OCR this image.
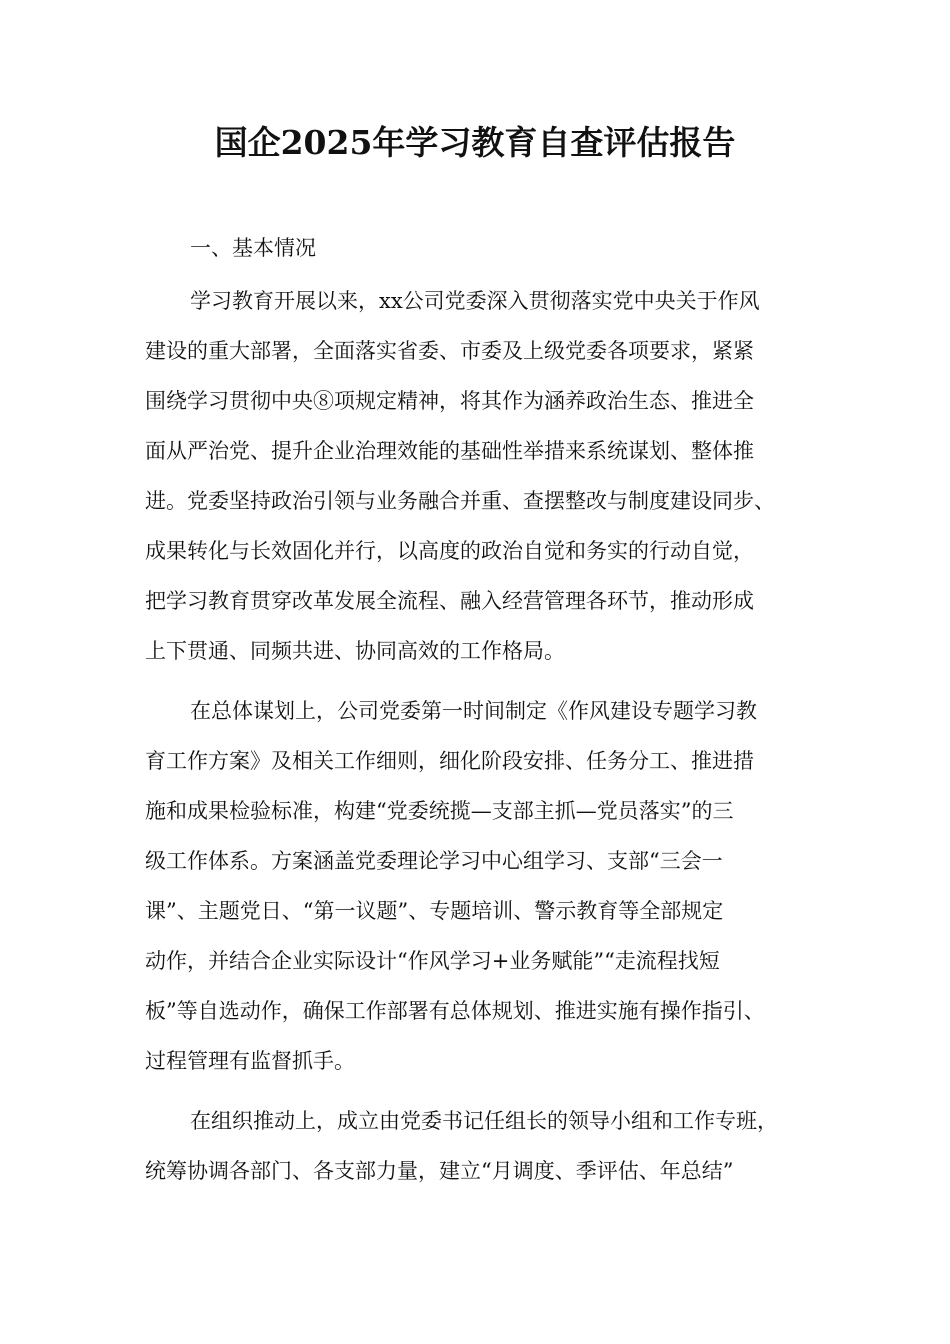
国企2025年学习教育自查评估报告
一、基本情况
学习教育开展以来，xx公司党委深入贯彻落实党中央关于作风
建设的重大部署，全面落实省委、市委及上级党委各项要求，紧紧
围绕学习贯彻中央⑧项规定精神，将其作为涵养政治生态、推进全
面从严治党、提升企业治理效能的基础性举措来系统谋划、整体推
进。党委坚持政治引领与业务融合并重、查摆整改与制度建设同步、
成果转化与长效固化并行，以高度的政治自觉和务实的行动自觉，
把学习教育贯穿改革发展全流程、融入经营管理各环节，推动形成
上下贯通、同频共进、协同高效的工作格局。
在总体谋划上，公司党委第一时间制定《作风建设专题学习教
育工作方案》及相关工作细则，细化阶段安排、任务分工、推进措
施和成果检验标准，构建“党委统揽—支部主抓—党员落实”的三
级工作体系。方案涵盖党委理论学习中心组学习、支部“三会一
课”、主题党日、“第一议题”、专题培训、警示教育等全部规定
动作，并结合企业实际设计“作风学习+业务赋能”“走流程找短
板”等自选动作，确保工作部署有总体规划、推进实施有操作指引、
过程管理有监督抓手。
在组织推动上，成立由党委书记任组长的领导小组和工作专班，
统筹协调各部门、各支部力量，建立“月调度、季评估、年总结”
